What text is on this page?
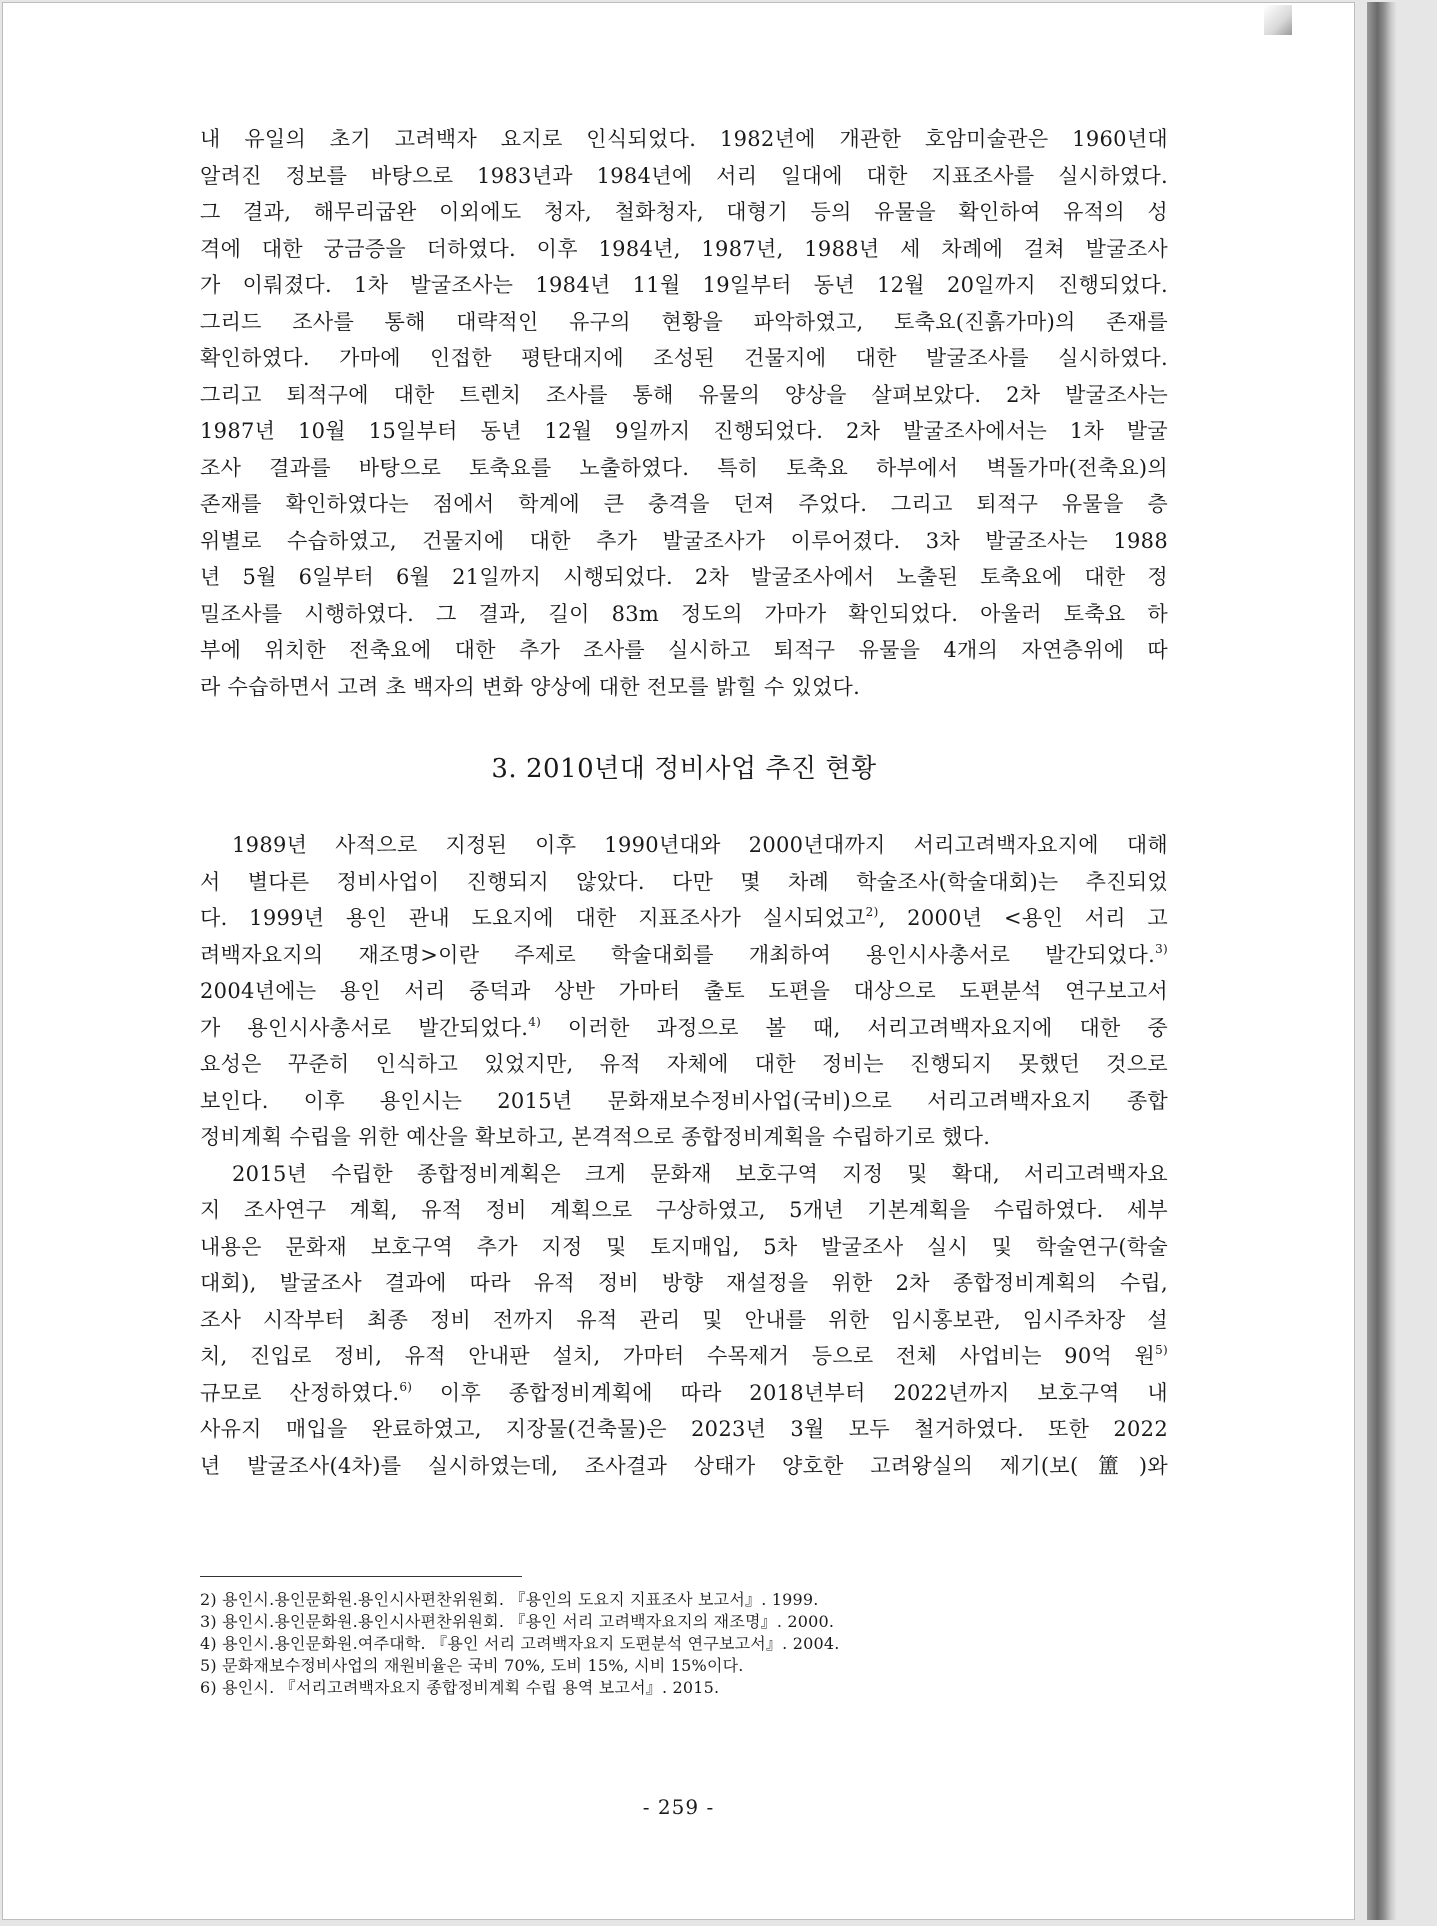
내 유일의 초기 고려백자 요지로 인식되었다. 1982년에 개관한 호암미술관은 1960년대
알려진 정보를 바탕으로 1983년과 1984년에 서리 일대에 대한 지표조사를 실시하였다.
그 결과, 해무리굽완 이외에도 청자, 철화청자, 대형기 등의 유물을 확인하여 유적의 성
격에 대한 궁금증을 더하였다. 이후 1984년, 1987년, 1988년 세 차례에 걸쳐 발굴조사
가 이뤄졌다. 1차 발굴조사는 1984년 11월 19일부터 동년 12월 20일까지 진행되었다.
그리드 조사를 통해 대략적인 유구의 현황을 파악하였고, 토축요(진흙가마)의 존재를
확인하였다. 가마에 인접한 평탄대지에 조성된 건물지에 대한 발굴조사를 실시하였다.
그리고 퇴적구에 대한 트렌치 조사를 통해 유물의 양상을 살펴보았다. 2차 발굴조사는
1987년 10월 15일부터 동년 12월 9일까지 진행되었다. 2차 발굴조사에서는 1차 발굴
조사 결과를 바탕으로 토축요를 노출하였다. 특히 토축요 하부에서 벽돌가마(전축요)의
존재를 확인하였다는 점에서 학계에 큰 충격을 던져 주었다. 그리고 퇴적구 유물을 층
위별로 수습하였고, 건물지에 대한 추가 발굴조사가 이루어졌다. 3차 발굴조사는 1988
년 5월 6일부터 6월 21일까지 시행되었다. 2차 발굴조사에서 노출된 토축요에 대한 정
밀조사를 시행하였다. 그 결과, 길이 83m 정도의 가마가 확인되었다. 아울러 토축요 하
부에 위치한 전축요에 대한 추가 조사를 실시하고 퇴적구 유물을 4개의 자연층위에 따
라 수습하면서 고려 초 백자의 변화 양상에 대한 전모를 밝힐 수 있었다.
3. 2010년대 정비사업 추진 현황
1989년 사적으로 지정된 이후 1990년대와 2000년대까지 서리고려백자요지에 대해
서 별다른 정비사업이 진행되지 않았다. 다만 몇 차례 학술조사(학술대회)는 추진되었
다. 1999년 용인 관내 도요지에 대한 지표조사가 실시되었고$^{2)}$, 2000년 <용인 서리 고
려백자요지의 재조명>이란 주제로 학술대회를 개최하여 용인시사총서로 발간되었다.$^{3)}$
2004년에는 용인 서리 중덕과 상반 가마터 출토 도편을 대상으로 도편분석 연구보고서
가 용인시사총서로 발간되었다.$^{4)}$ 이러한 과정으로 볼 때, 서리고려백자요지에 대한 중
요성은 꾸준히 인식하고 있었지만, 유적 자체에 대한 정비는 진행되지 못했던 것으로
보인다. 이후 용인시는 2015년 문화재보수정비사업(국비)으로 서리고려백자요지 종합
정비계획 수립을 위한 예산을 확보하고, 본격적으로 종합정비계획을 수립하기로 했다.
2015년 수립한 종합정비계획은 크게 문화재 보호구역 지정 및 확대, 서리고려백자요
지 조사연구 계획, 유적 정비 계획으로 구상하였고, 5개년 기본계획을 수립하였다. 세부
내용은 문화재 보호구역 추가 지정 및 토지매입, 5차 발굴조사 실시 및 학술연구(학술
대회), 발굴조사 결과에 따라 유적 정비 방향 재설정을 위한 2차 종합정비계획의 수립,
조사 시작부터 최종 정비 전까지 유적 관리 및 안내를 위한 임시홍보관, 임시주차장 설
치, 진입로 정비, 유적 안내판 설치, 가마터 수목제거 등으로 전체 사업비는 90억 원$^{5)}$
규모로 산정하였다.$^{6)}$ 이후 종합정비계획에 따라 2018년부터 2022년까지 보호구역 내
사유지 매입을 완료하였고, 지장물(건축물)은 2023년 3월 모두 철거하였다. 또한 2022
년 발굴조사(4차)를 실시하였는데, 조사결과 상태가 양호한 고려왕실의 제기(보(簠)와
2) 용인시.용인문화원.용인시사편찬위원회. 『용인의 도요지 지표조사 보고서』. 1999.
3) 용인시.용인문화원.용인시사편찬위원회. 『용인 서리 고려백자요지의 재조명』. 2000.
4) 용인시.용인문화원.여주대학. 『용인 서리 고려백자요지 도편분석 연구보고서』. 2004.
5) 문화재보수정비사업의 재원비율은 국비 70%, 도비 15%, 시비 15%이다.
6) 용인시. 『서리고려백자요지 종합정비계획 수립 용역 보고서』. 2015.
- 259 -
